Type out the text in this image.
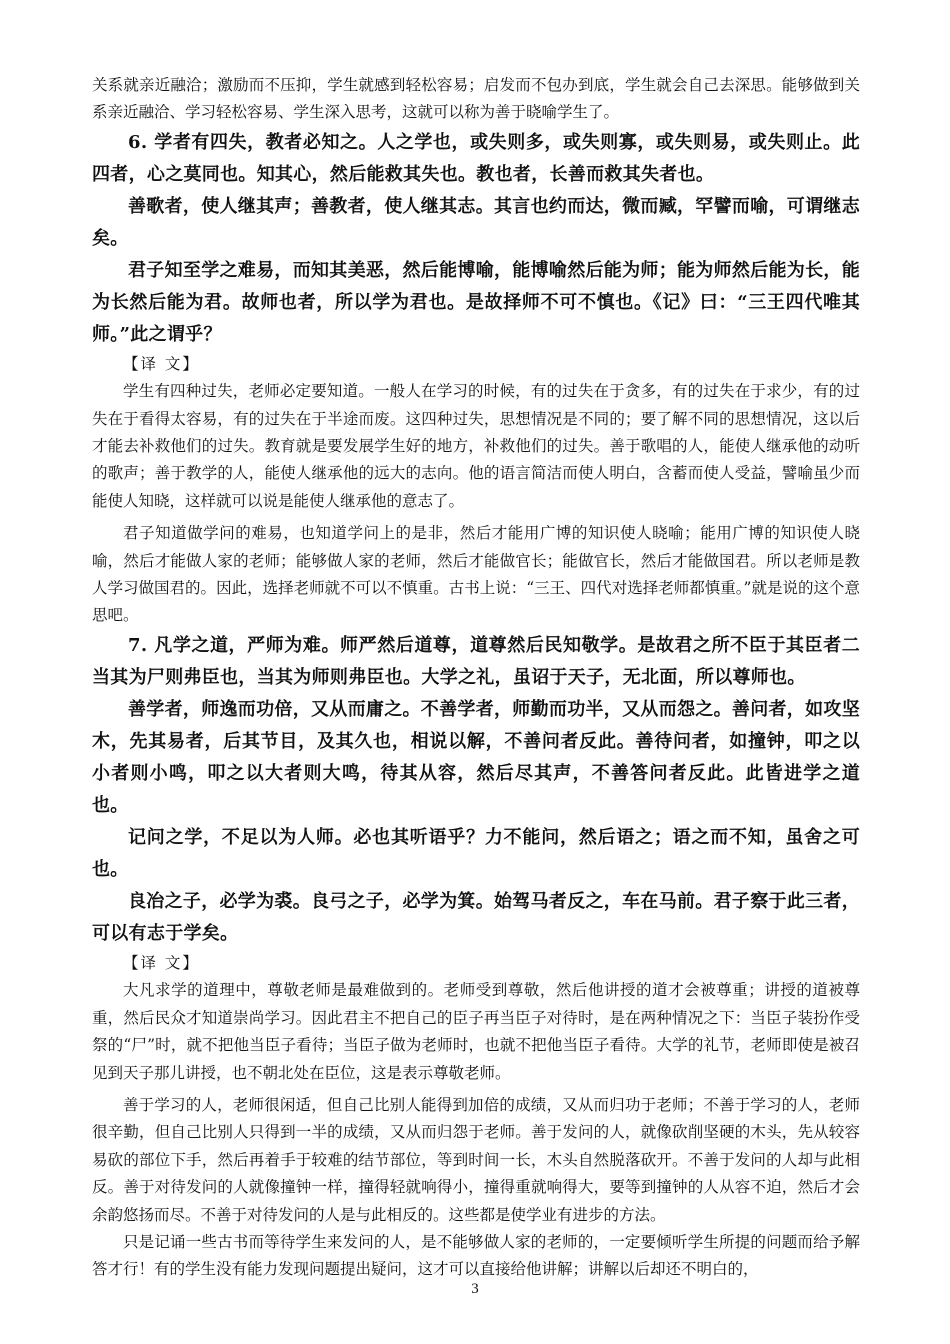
关系就亲近融洽；激励而不压抑，学生就感到轻松容易；启发而不包办到底，学生就会自己去深思。能够做到关系亲近融洽、学习轻松容易、学生深入思考，这就可以称为善于晓喻学生了。

6. 学者有四失，教者必知之。人之学也，或失则多，或失则寡，或失则易，或失则止。此四者，心之莫同也。知其心，然后能救其失也。教也者，长善而救其失者也。

善歌者，使人继其声；善教者，使人继其志。其言也约而达，微而臧，罕譬而喻，可谓继志矣。

君子知至学之难易，而知其美恶，然后能博喻，能博喻然后能为师；能为师然后能为长，能为长然后能为君。故师也者，所以学为君也。是故择师不可不慎也。《记》曰：“三王四代唯其师。”此之谓乎？

【译 文】

学生有四种过失，老师必定要知道。一般人在学习的时候，有的过失在于贪多，有的过失在于求少，有的过失在于看得太容易，有的过失在于半途而废。这四种过失，思想情况是不同的；要了解不同的思想情况，这以后才能去补救他们的过失。教育就是要发展学生好的地方，补救他们的过失。善于歌唱的人，能使人继承他的动听的歌声；善于教学的人，能使人继承他的远大的志向。他的语言简洁而使人明白，含蓄而使人受益，譬喻虽少而能使人知晓，这样就可以说是能使人继承他的意志了。

君子知道做学问的难易，也知道学问上的是非，然后才能用广博的知识使人晓喻；能用广博的知识使人晓喻，然后才能做人家的老师；能够做人家的老师，然后才能做官长；能做官长，然后才能做国君。所以老师是教人学习做国君的。因此，选择老师就不可以不慎重。古书上说：“三王、四代对选择老师都慎重。”就是说的这个意思吧。

7. 凡学之道，严师为难。师严然后道尊，道尊然后民知敬学。是故君之所不臣于其臣者二当其为尸则弗臣也，当其为师则弗臣也。大学之礼，虽诏于天子，无北面，所以尊师也。

善学者，师逸而功倍，又从而庸之。不善学者，师勤而功半，又从而怨之。善问者，如攻坚木，先其易者，后其节目，及其久也，相说以解，不善问者反此。善待问者，如撞钟，叩之以小者则小鸣，叩之以大者则大鸣，待其从容，然后尽其声，不善答问者反此。此皆进学之道也。

记问之学，不足以为人师。必也其听语乎？力不能问，然后语之；语之而不知，虽舍之可也。

良冶之子，必学为裘。良弓之子，必学为箕。始驾马者反之，车在马前。君子察于此三者，可以有志于学矣。

【译 文】

大凡求学的道理中，尊敬老师是最难做到的。老师受到尊敬，然后他讲授的道才会被尊重；讲授的道被尊重，然后民众才知道崇尚学习。因此君主不把自己的臣子再当臣子对待时，是在两种情况之下：当臣子装扮作受祭的“尸”时，就不把他当臣子看待；当臣子做为老师时，也就不把他当臣子看待。大学的礼节，老师即使是被召见到天子那儿讲授，也不朝北处在臣位，这是表示尊敬老师。

善于学习的人，老师很闲适，但自己比别人能得到加倍的成绩，又从而归功于老师；不善于学习的人，老师很辛勤，但自己比别人只得到一半的成绩，又从而归怨于老师。善于发问的人，就像砍削坚硬的木头，先从较容易砍的部位下手，然后再着手于较难的结节部位，等到时间一长，木头自然脱落砍开。不善于发问的人却与此相反。善于对待发问的人就像撞钟一样，撞得轻就响得小，撞得重就响得大，要等到撞钟的人从容不迫，然后才会余韵悠扬而尽。不善于对待发问的人是与此相反的。这些都是使学业有进步的方法。

只是记诵一些古书而等待学生来发问的人，是不能够做人家的老师的，一定要倾听学生所提的问题而给予解答才行！有的学生没有能力发现问题提出疑问，这才可以直接给他讲解；讲解以后却还不明白的，

3
